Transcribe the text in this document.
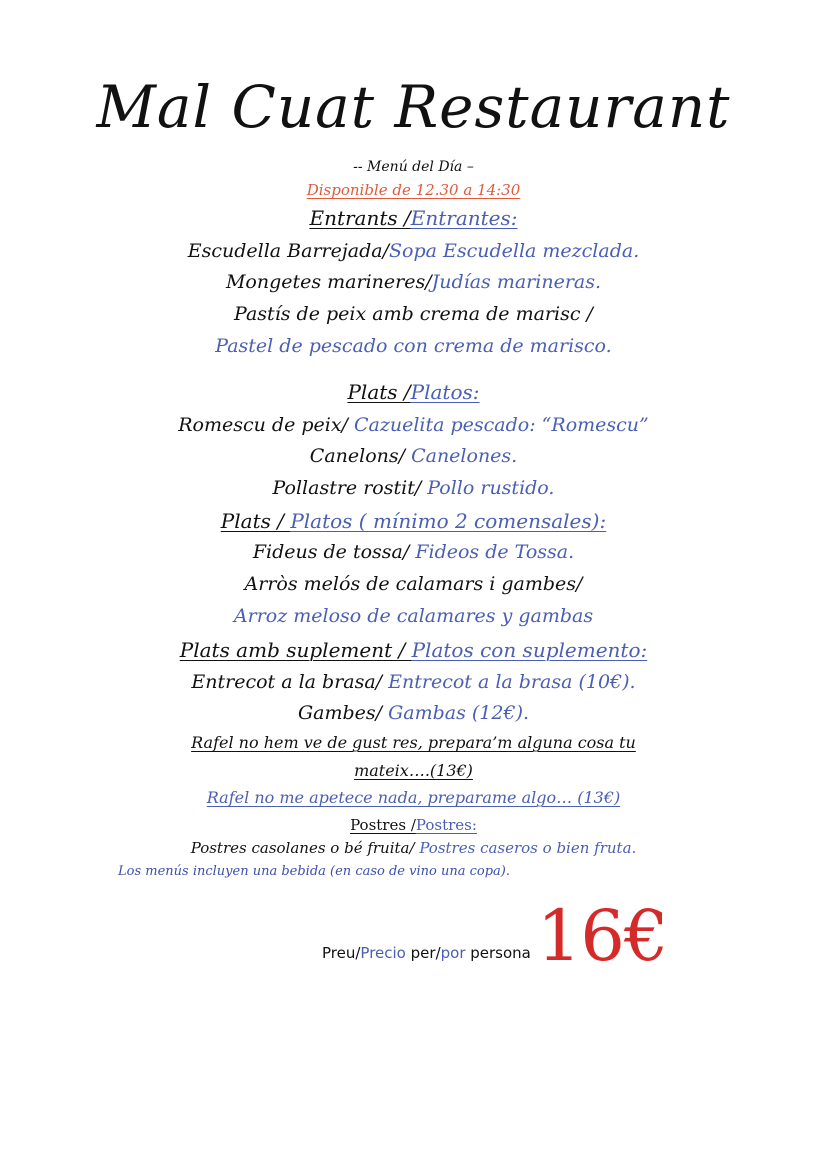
Mal Cuat Restaurant
-- Menú del Día –
Disponible de 12.30 a 14:30
Entrants /Entrantes:
Escudella Barrejada/Sopa Escudella mezclada.
Mongetes marineres/Judías marineras.
Pastís de peix amb crema de marisc /
Pastel de pescado con crema de marisco.
Plats /Platos:
Romescu de peix/ Cazuelita pescado: “Romescu”
Canelons/ Canelones.
Pollastre rostit/ Pollo rustido.
Plats / Platos ( mínimo 2 comensales):
Fideus de tossa/ Fideos de Tossa.
Arròs melós de calamars i gambes/
Arroz meloso de calamares y gambas
Plats amb suplement / Platos con suplemento:
Entrecot a la brasa/ Entrecot a la brasa (10€).
Gambes/ Gambas (12€).
Rafel no hem ve de gust res, prepara’m alguna cosa tu
mateix….(13€)
Rafel no me apetece nada, preparame algo… (13€)
Postres /Postres:
Postres casolanes o bé fruita/ Postres caseros o bien fruta.
Los menús incluyen una bebida (en caso de vino una copa).
Preu/Precio per/por persona 16€
